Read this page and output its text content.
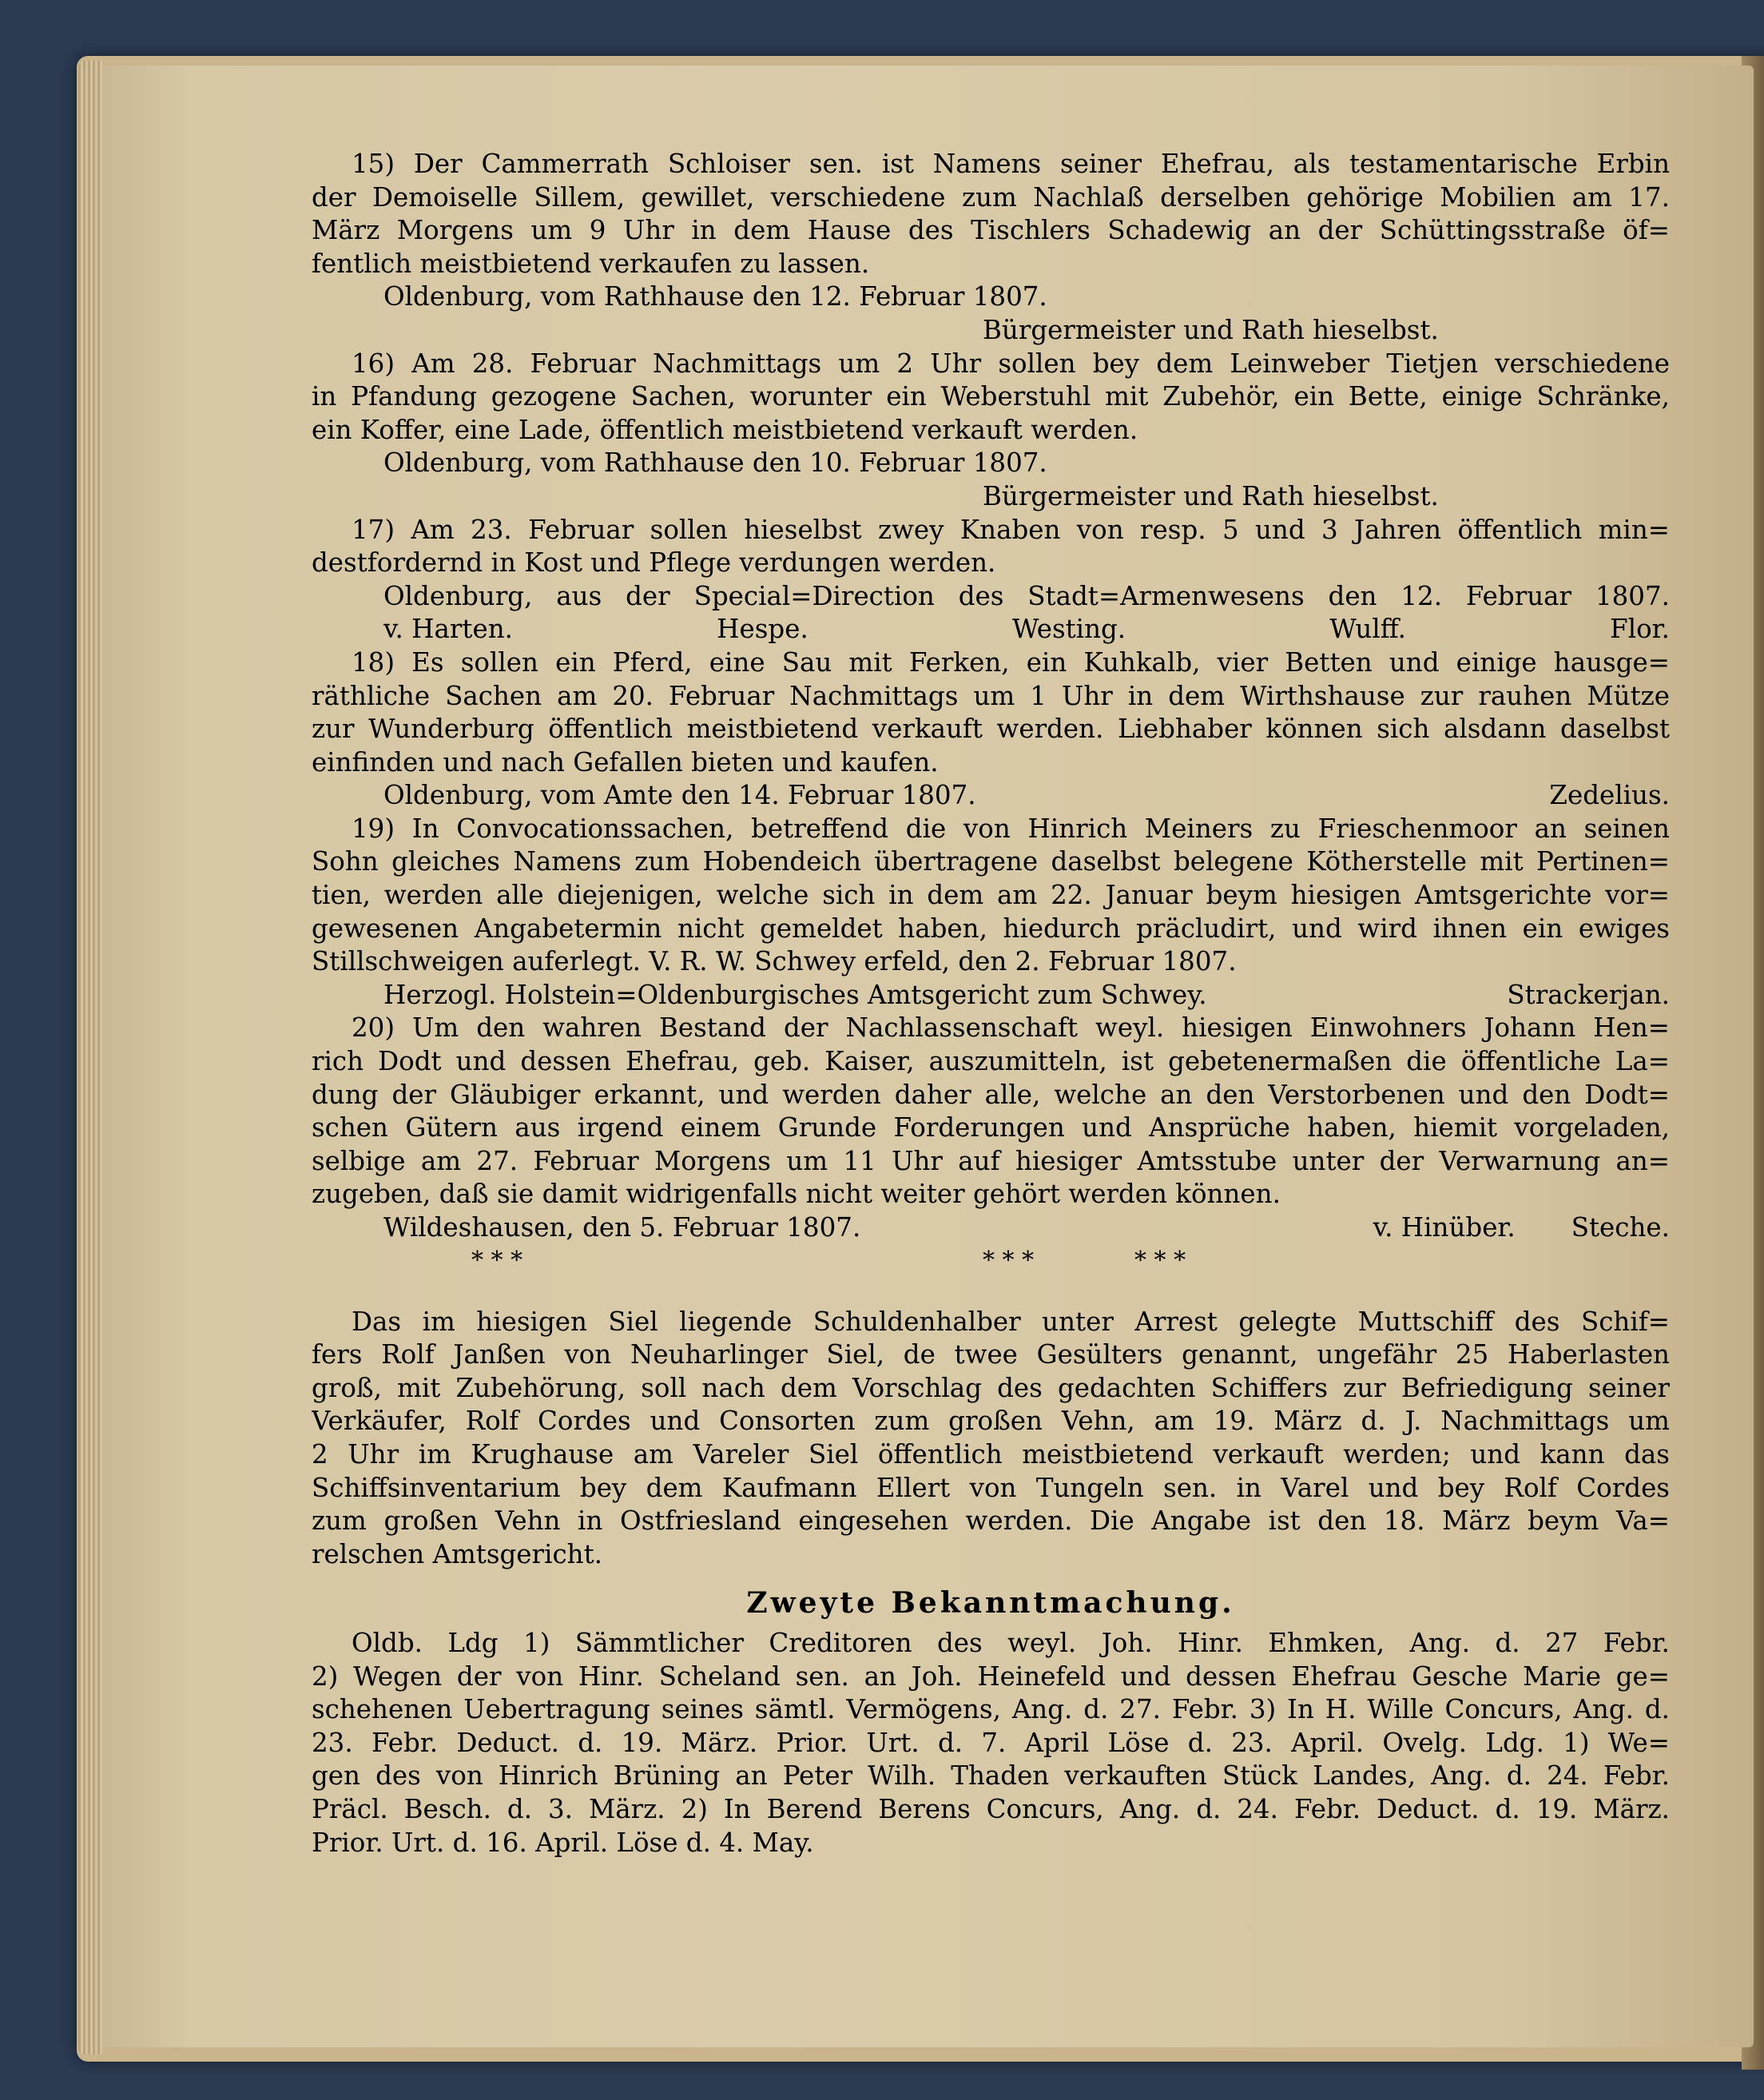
15) Der Cammerrath Schloiser sen. ist Namens seiner Ehefrau, als testamentarische Erbin
der Demoiselle Sillem, gewillet, verschiedene zum Nachlaß derselben gehörige Mobilien am 17.
März Morgens um 9 Uhr in dem Hause des Tischlers Schadewig an der Schüttingsstraße öf=
fentlich meistbietend verkaufen zu lassen.
Oldenburg, vom Rathhause den 12. Februar 1807.
Bürgermeister und Rath hieselbst.
16) Am 28. Februar Nachmittags um 2 Uhr sollen bey dem Leinweber Tietjen verschiedene
in Pfandung gezogene Sachen, worunter ein Weberstuhl mit Zubehör, ein Bette, einige Schränke,
ein Koffer, eine Lade, öffentlich meistbietend verkauft werden.
Oldenburg, vom Rathhause den 10. Februar 1807.
Bürgermeister und Rath hieselbst.
17) Am 23. Februar sollen hieselbst zwey Knaben von resp. 5 und 3 Jahren öffentlich min=
destfordernd in Kost und Pflege verdungen werden.
Oldenburg, aus der Special=Direction des Stadt=Armenwesens den 12. Februar 1807.
v. Harten.	Hespe.	Westing.	Wulff.	Flor.
18) Es sollen ein Pferd, eine Sau mit Ferken, ein Kuhkalb, vier Betten und einige hausge=
räthliche Sachen am 20. Februar Nachmittags um 1 Uhr in dem Wirthshause zur rauhen Mütze
zur Wunderburg öffentlich meistbietend verkauft werden. Liebhaber können sich alsdann daselbst
einfinden und nach Gefallen bieten und kaufen.
Oldenburg, vom Amte den 14. Februar 1807.	Zedelius.
19) In Convocationssachen, betreffend die von Hinrich Meiners zu Frieschenmoor an seinen
Sohn gleiches Namens zum Hobendeich übertragene daselbst belegene Kötherstelle mit Pertinen=
tien, werden alle diejenigen, welche sich in dem am 22. Januar beym hiesigen Amtsgerichte vor=
gewesenen Angabetermin nicht gemeldet haben, hiedurch präcludirt, und wird ihnen ein ewiges
Stillschweigen auferlegt. V. R. W. Schwey erfeld, den 2. Februar 1807.
Herzogl. Holstein=Oldenburgisches Amtsgericht zum Schwey.	Strackerjan.
20) Um den wahren Bestand der Nachlassenschaft weyl. hiesigen Einwohners Johann Hen=
rich Dodt und dessen Ehefrau, geb. Kaiser, auszumitteln, ist gebetenermaßen die öffentliche La=
dung der Gläubiger erkannt, und werden daher alle, welche an den Verstorbenen und den Dodt=
schen Gütern aus irgend einem Grunde Forderungen und Ansprüche haben, hiemit vorgeladen,
selbige am 27. Februar Morgens um 11 Uhr auf hiesiger Amtsstube unter der Verwarnung an=
zugeben, daß sie damit widrigenfalls nicht weiter gehört werden können.
Wildeshausen, den 5. Februar 1807.	v. Hinüber. Steche.
* * *	* * *	* * *
Das im hiesigen Siel liegende Schuldenhalber unter Arrest gelegte Muttschiff des Schif=
fers Rolf Janßen von Neuharlinger Siel, de twee Gesülters genannt, ungefähr 25 Haberlasten
groß, mit Zubehörung, soll nach dem Vorschlag des gedachten Schiffers zur Befriedigung seiner
Verkäufer, Rolf Cordes und Consorten zum großen Vehn, am 19. März d. J. Nachmittags um
2 Uhr im Krughause am Vareler Siel öffentlich meistbietend verkauft werden; und kann das
Schiffsinventarium bey dem Kaufmann Ellert von Tungeln sen. in Varel und bey Rolf Cordes
zum großen Vehn in Ostfriesland eingesehen werden. Die Angabe ist den 18. März beym Va=
relschen Amtsgericht.
Zweyte Bekanntmachung.
Oldb. Ldg 1) Sämmtlicher Creditoren des weyl. Joh. Hinr. Ehmken, Ang. d. 27 Febr.
2) Wegen der von Hinr. Scheland sen. an Joh. Heinefeld und dessen Ehefrau Gesche Marie ge=
schehenen Uebertragung seines sämtl. Vermögens, Ang. d. 27. Febr. 3) In H. Wille Concurs, Ang. d.
23. Febr. Deduct. d. 19. März. Prior. Urt. d. 7. April Löse d. 23. April. Ovelg. Ldg. 1) We=
gen des von Hinrich Brüning an Peter Wilh. Thaden verkauften Stück Landes, Ang. d. 24. Febr.
Präcl. Besch. d. 3. März. 2) In Berend Berens Concurs, Ang. d. 24. Febr. Deduct. d. 19. März.
Prior. Urt. d. 16. April. Löse d. 4. May.
